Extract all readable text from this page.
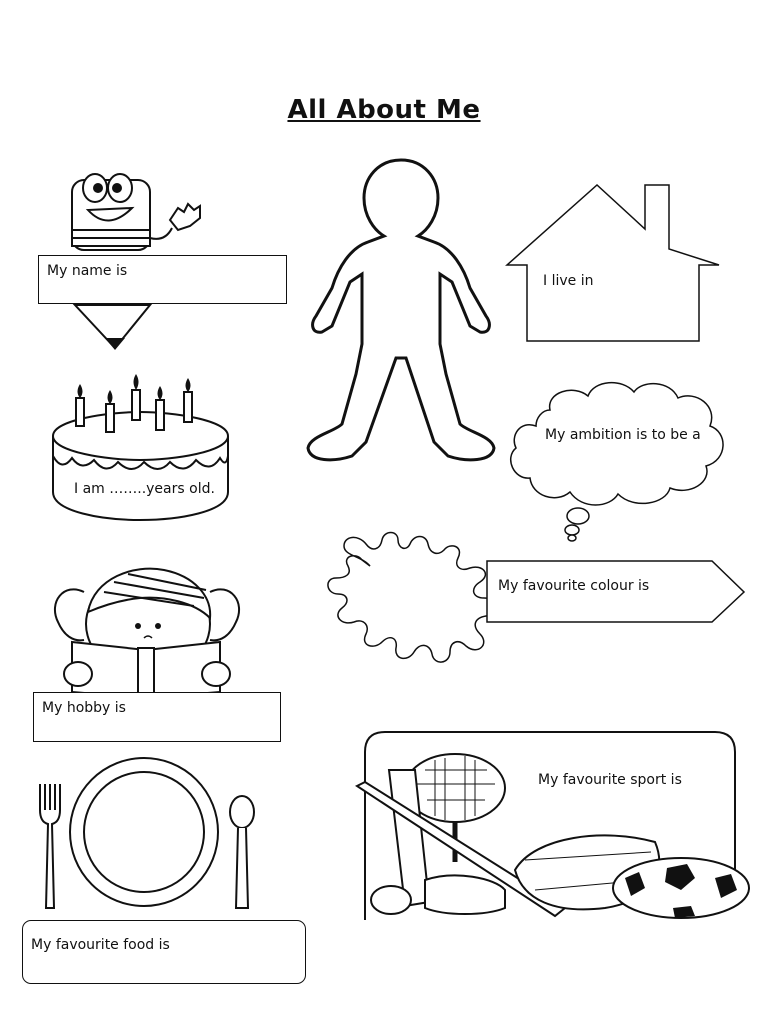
All About Me
My name is
I live in
I am ……..years old.
My ambition is to be a
My favourite colour is
My hobby is
My favourite sport is
My favourite food is
